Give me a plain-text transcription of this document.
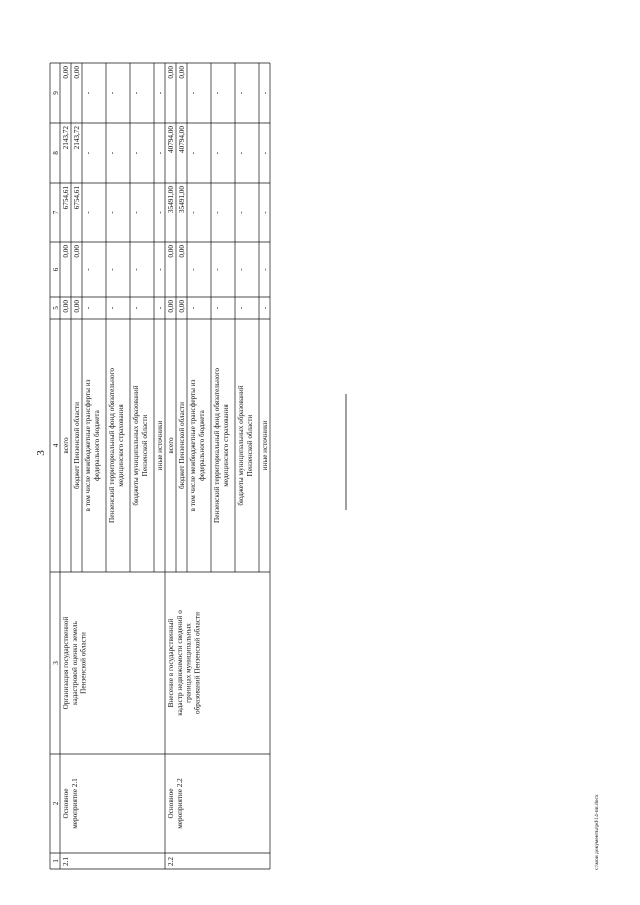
3
1
2
3
4
5
6
7
8
9
2.1
Основное мероприятие 2.1
Организация государственной кадастровой оценки земель Пензенской области
всего
0,00
0,00
6754,61
2143,72
0,00
бюджет Пензенской области
0,00
0,00
6754,61
2143,72
0,00
в том числе межбюджетные трансферты из федерального бюджета
-
-
-
-
-
Пензенский территориальный фонд обязательного медицинского страхования
-
-
-
-
-
бюджеты муниципальных образований Пензенской области
-
-
-
-
-
иные источники
-
-
-
-
-
2.2
Основное мероприятие 2.2
Внесение в государственный кадастр недвижимости сведений о границах муниципальных образований Пензенской области
всего
0,00
0,00
35491,00
40794,00
0,00
бюджет Пензенской области
0,00
0,00
35491,00
40794,00
0,00
в том числе межбюджетные трансферты из федерального бюджета
-
-
-
-
-
Пензенский территориальный фонд обязательного медицинского страхования
-
-
-
-
-
бюджеты муниципальных образований Пензенской области
-
-
-
-
-
иные источники
-
-
-
-
-
c:\мои документы\pd\14-пп.docx
